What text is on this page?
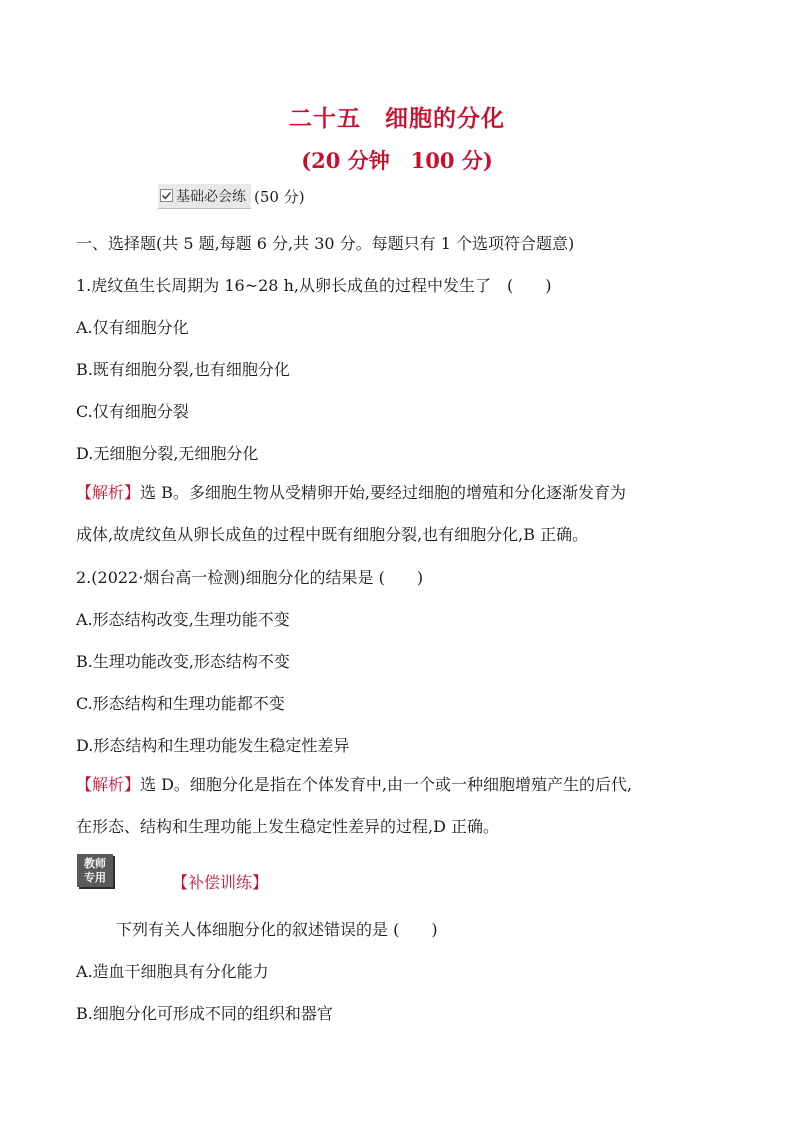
二十五　细胞的分化
(20 分钟　100 分)
基础必会练 (50 分)
一、选择题(共 5 题,每题 6 分,共 30 分。每题只有 1 个选项符合题意)
1.虎纹鱼生长周期为 16~28 h,从卵长成鱼的过程中发生了　(　　)
A.仅有细胞分化
B.既有细胞分裂,也有细胞分化
C.仅有细胞分裂
D.无细胞分裂,无细胞分化
【解析】选 B。多细胞生物从受精卵开始,要经过细胞的增殖和分化逐渐发育为
成体,故虎纹鱼从卵长成鱼的过程中既有细胞分裂,也有细胞分化,B 正确。
2.(2022·烟台高一检测)细胞分化的结果是 (　　)
A.形态结构改变,生理功能不变
B.生理功能改变,形态结构不变
C.形态结构和生理功能都不变
D.形态结构和生理功能发生稳定性差异
【解析】选 D。细胞分化是指在个体发育中,由一个或一种细胞增殖产生的后代,
在形态、结构和生理功能上发生稳定性差异的过程,D 正确。
教师
专用	【补偿训练】
下列有关人体细胞分化的叙述错误的是 (　　)
A.造血干细胞具有分化能力
B.细胞分化可形成不同的组织和器官
